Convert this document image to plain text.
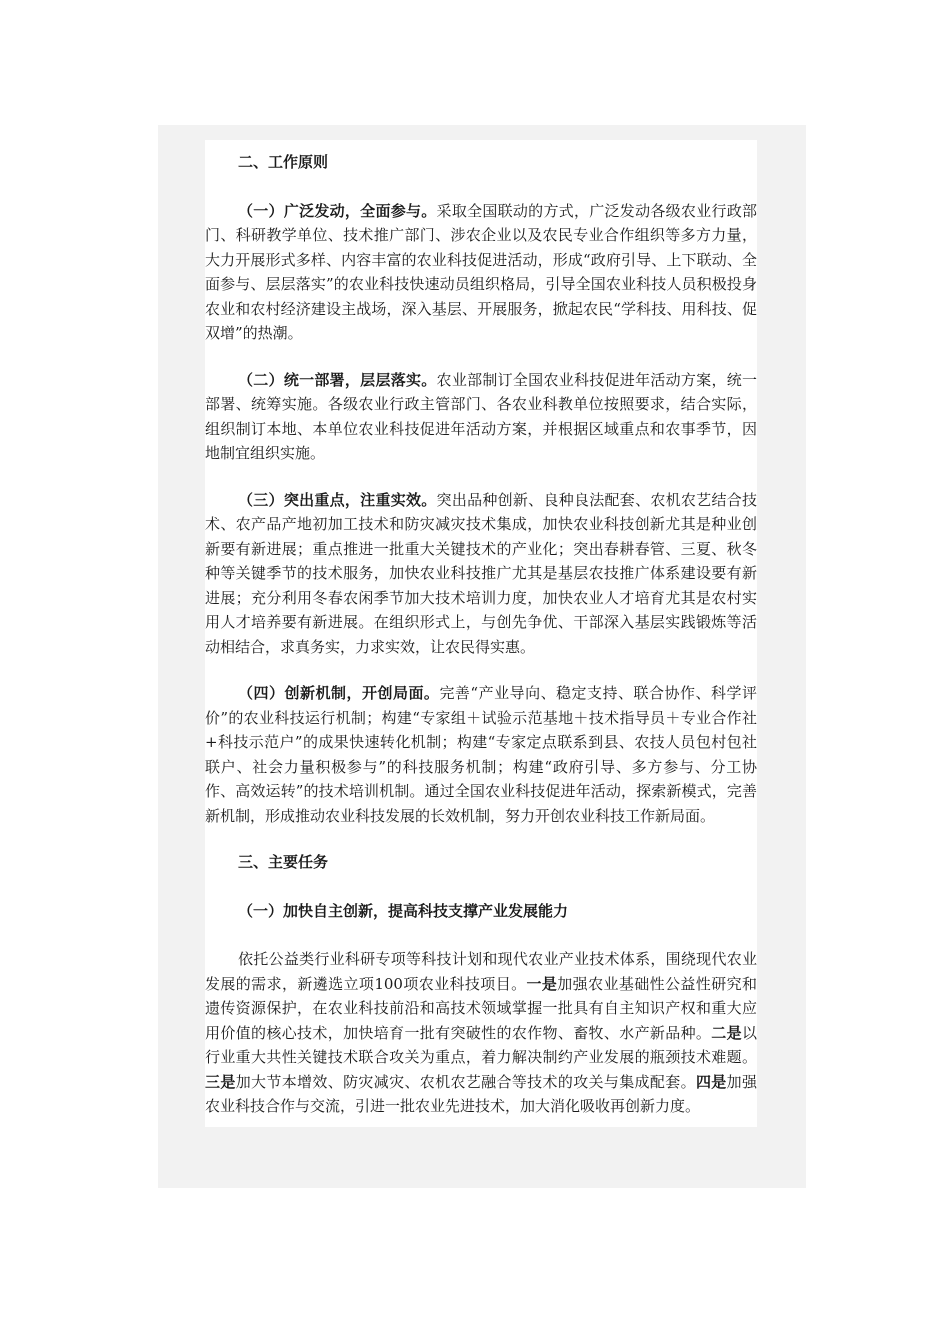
二、工作原则

（一）广泛发动，全面参与。采取全国联动的方式，广泛发动各级农业行政部门、科研教学单位、技术推广部门、涉农企业以及农民专业合作组织等多方力量，大力开展形式多样、内容丰富的农业科技促进活动，形成“政府引导、上下联动、全面参与、层层落实”的农业科技快速动员组织格局，引导全国农业科技人员积极投身农业和农村经济建设主战场，深入基层、开展服务，掀起农民“学科技、用科技、促双增”的热潮。

（二）统一部署，层层落实。农业部制订全国农业科技促进年活动方案，统一部署、统筹实施。各级农业行政主管部门、各农业科教单位按照要求，结合实际，组织制订本地、本单位农业科技促进年活动方案，并根据区域重点和农事季节，因地制宜组织实施。

（三）突出重点，注重实效。突出品种创新、良种良法配套、农机农艺结合技术、农产品产地初加工技术和防灾减灾技术集成，加快农业科技创新尤其是种业创新要有新进展；重点推进一批重大关键技术的产业化；突出春耕春管、三夏、秋冬种等关键季节的技术服务，加快农业科技推广尤其是基层农技推广体系建设要有新进展；充分利用冬春农闲季节加大技术培训力度，加快农业人才培育尤其是农村实用人才培养要有新进展。在组织形式上，与创先争优、干部深入基层实践锻炼等活动相结合，求真务实，力求实效，让农民得实惠。

（四）创新机制，开创局面。完善“产业导向、稳定支持、联合协作、科学评价”的农业科技运行机制；构建“专家组＋试验示范基地＋技术指导员＋专业合作社+科技示范户”的成果快速转化机制；构建“专家定点联系到县、农技人员包村包社联户、社会力量积极参与”的科技服务机制；构建“政府引导、多方参与、分工协作、高效运转”的技术培训机制。通过全国农业科技促进年活动，探索新模式，完善新机制，形成推动农业科技发展的长效机制，努力开创农业科技工作新局面。

三、主要任务

（一）加快自主创新，提高科技支撑产业发展能力

依托公益类行业科研专项等科技计划和现代农业产业技术体系，围绕现代农业发展的需求，新遴选立项100项农业科技项目。一是加强农业基础性公益性研究和遗传资源保护，在农业科技前沿和高技术领域掌握一批具有自主知识产权和重大应用价值的核心技术，加快培育一批有突破性的农作物、畜牧、水产新品种。二是以行业重大共性关键技术联合攻关为重点，着力解决制约产业发展的瓶颈技术难题。三是加大节本增效、防灾减灾、农机农艺融合等技术的攻关与集成配套。四是加强农业科技合作与交流，引进一批农业先进技术，加大消化吸收再创新力度。
